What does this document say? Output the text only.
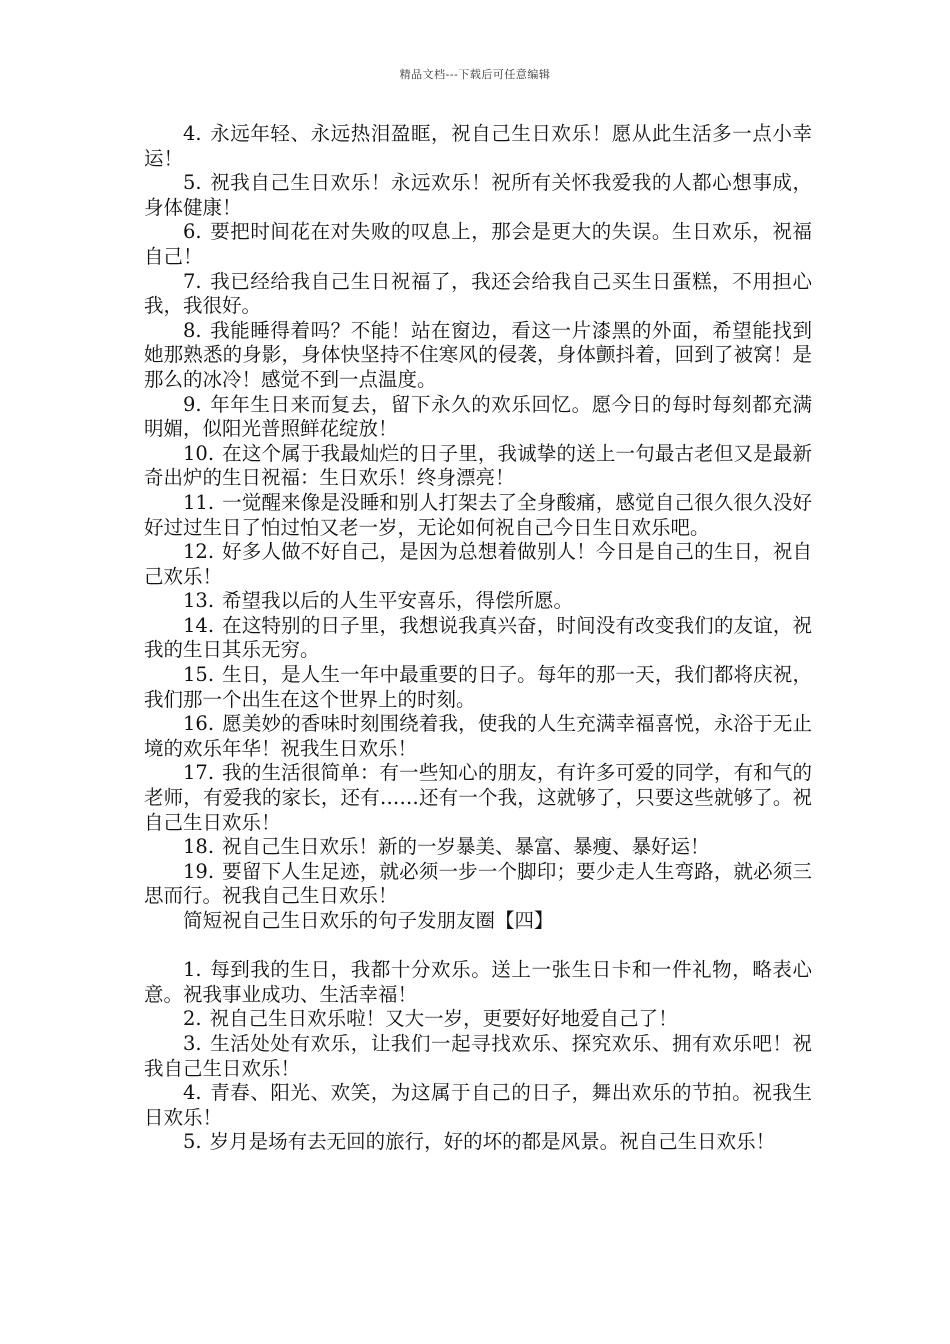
精品文档---下载后可任意编辑

4. 永远年轻、永远热泪盈眶，祝自己生日欢乐！愿从此生活多一点小幸运！

5. 祝我自己生日欢乐！永远欢乐！祝所有关怀我爱我的人都心想事成，身体健康！

6. 要把时间花在对失败的叹息上，那会是更大的失误。生日欢乐，祝福自己！

7. 我已经给我自己生日祝福了，我还会给我自己买生日蛋糕，不用担心我，我很好。

8. 我能睡得着吗？不能！站在窗边，看这一片漆黑的外面，希望能找到她那熟悉的身影，身体快坚持不住寒风的侵袭，身体颤抖着，回到了被窝！是那么的冰冷！感觉不到一点温度。

9. 年年生日来而复去，留下永久的欢乐回忆。愿今日的每时每刻都充满明媚，似阳光普照鲜花绽放！

10. 在这个属于我最灿烂的日子里，我诚挚的送上一句最古老但又是最新奇出炉的生日祝福：生日欢乐！终身漂亮！

11. 一觉醒来像是没睡和别人打架去了全身酸痛，感觉自己很久很久没好好过过生日了怕过怕又老一岁，无论如何祝自己今日生日欢乐吧。

12. 好多人做不好自己，是因为总想着做别人！今日是自己的生日，祝自己欢乐！

13. 希望我以后的人生平安喜乐，得偿所愿。

14. 在这特别的日子里，我想说我真兴奋，时间没有改变我们的友谊，祝我的生日其乐无穷。

15. 生日，是人生一年中最重要的日子。每年的那一天，我们都将庆祝，我们那一个出生在这个世界上的时刻。

16. 愿美妙的香味时刻围绕着我，使我的人生充满幸福喜悦，永浴于无止境的欢乐年华！祝我生日欢乐！

17. 我的生活很简单：有一些知心的朋友，有许多可爱的同学，有和气的老师，有爱我的家长，还有……还有一个我，这就够了，只要这些就够了。祝自己生日欢乐！

18. 祝自己生日欢乐！新的一岁暴美、暴富、暴瘦、暴好运！

19. 要留下人生足迹，就必须一步一个脚印；要少走人生弯路，就必须三思而行。祝我自己生日欢乐！

简短祝自己生日欢乐的句子发朋友圈【四】

1. 每到我的生日，我都十分欢乐。送上一张生日卡和一件礼物，略表心意。祝我事业成功、生活幸福！

2. 祝自己生日欢乐啦！又大一岁，更要好好地爱自己了！

3. 生活处处有欢乐，让我们一起寻找欢乐、探究欢乐、拥有欢乐吧！祝我自己生日欢乐！

4. 青春、阳光、欢笑，为这属于自己的日子，舞出欢乐的节拍。祝我生日欢乐！

5. 岁月是场有去无回的旅行，好的坏的都是风景。祝自己生日欢乐！
